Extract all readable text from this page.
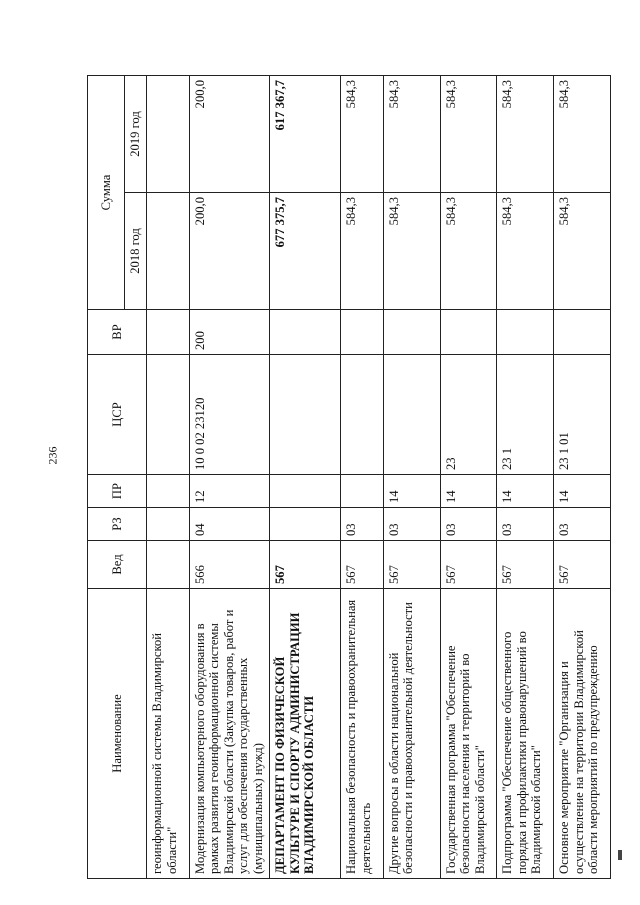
236
Наименование	Вед	РЗ	ПР	ЦСР	ВР	Сумма	
						2018 год	2019 год
геоинформационной системы Владимирской области"							
Модернизация компьютерного оборудования в рамках развития геоинформационной системы Владимирской области (Закупка товаров, работ и услуг для обеспечения государственных (муниципальных) нужд)	566	04	12	10 0 02 23120	200	200,0	200,0
ДЕПАРТАМЕНТ ПО ФИЗИЧЕСКОЙ КУЛЬТУРЕ И СПОРТУ АДМИНИСТРАЦИИ ВЛАДИМИРСКОЙ ОБЛАСТИ	567					677 375,7	617 367,7
Национальная безопасность и правоохранительная деятельность	567	03				584,3	584,3
Другие вопросы в области национальной безопасности и правоохранительной деятельности	567	03	14			584,3	584,3
Государственная программа "Обеспечение безопасности населения и территорий во Владимирской области"	567	03	14	23		584,3	584,3
Подпрограмма "Обеспечение общественного порядка и профилактики правонарушений во Владимирской области"	567	03	14	23 1		584,3	584,3
Основное мероприятие "Организация и осуществление на территории Владимирской области мероприятий по предупреждению	567	03	14	23 1 01		584,3	584,3
